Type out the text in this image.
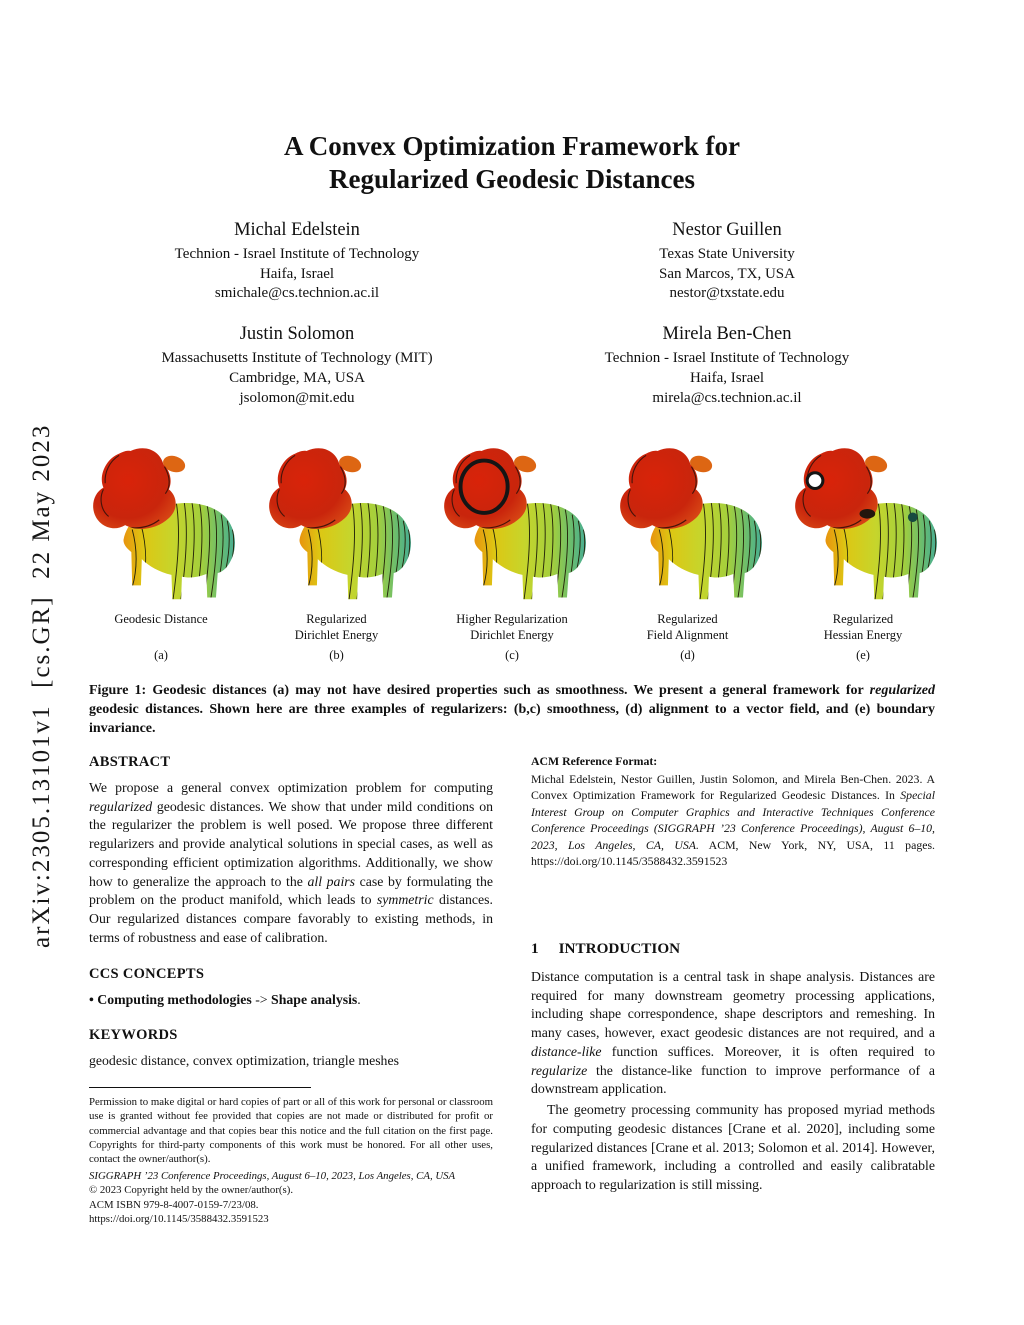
arXiv:2305.13101v1  [cs.GR]  22 May 2023
A Convex Optimization Framework for
Regularized Geodesic Distances
Michal Edelstein
Technion - Israel Institute of Technology
Haifa, Israel
smichale@cs.technion.ac.il
Nestor Guillen
Texas State University
San Marcos, TX, USA
nestor@txstate.edu
Justin Solomon
Massachusetts Institute of Technology (MIT)
Cambridge, MA, USA
jsolomon@mit.edu
Mirela Ben-Chen
Technion - Israel Institute of Technology
Haifa, Israel
mirela@cs.technion.ac.il
Geodesic Distance
(a)
Regularized
Dirichlet Energy
(b)
Higher Regularization
Dirichlet Energy
(c)
Regularized
Field Alignment
(d)
Regularized
Hessian Energy
(e)

Figure 1: Geodesic distances (a) may not have desired properties such as smoothness. We present a general framework for regularized geodesic distances. Shown here are three examples of regularizers: (b,c) smoothness, (d) alignment to a vector field, and (e) boundary invariance.

ABSTRACT

We propose a general convex optimization problem for computing regularized geodesic distances. We show that under mild conditions on the regularizer the problem is well posed. We propose three different regularizers and provide analytical solutions in special cases, as well as corresponding efficient optimization algorithms. Additionally, we show how to generalize the approach to the all pairs case by formulating the problem on the product manifold, which leads to symmetric distances. Our regularized distances compare favorably to existing methods, in terms of robustness and ease of calibration.

CCS CONCEPTS

• Computing methodologies -> Shape analysis.

KEYWORDS

geodesic distance, convex optimization, triangle meshes

Permission to make digital or hard copies of part or all of this work for personal or classroom use is granted without fee provided that copies are not made or distributed for profit or commercial advantage and that copies bear this notice and the full citation on the first page. Copyrights for third-party components of this work must be honored. For all other uses, contact the owner/author(s).

SIGGRAPH ’23 Conference Proceedings, August 6–10, 2023, Los Angeles, CA, USA

© 2023 Copyright held by the owner/author(s).

ACM ISBN 979-8-4007-0159-7/23/08.

https://doi.org/10.1145/3588432.3591523

ACM Reference Format:

Michal Edelstein, Nestor Guillen, Justin Solomon, and Mirela Ben-Chen. 2023. A Convex Optimization Framework for Regularized Geodesic Distances. In Special Interest Group on Computer Graphics and Interactive Techniques Conference Conference Proceedings (SIGGRAPH ’23 Conference Proceedings), August 6–10, 2023, Los Angeles, CA, USA. ACM, New York, NY, USA, 11 pages. https://doi.org/10.1145/3588432.3591523

1 INTRODUCTION

Distance computation is a central task in shape analysis. Distances are required for many downstream geometry processing applications, including shape correspondence, shape descriptors and remeshing. In many cases, however, exact geodesic distances are not required, and a distance-like function suffices. Moreover, it is often required to regularize the distance-like function to improve performance of a downstream application.

The geometry processing community has proposed myriad methods for computing geodesic distances [Crane et al. 2020], including some regularized distances [Crane et al. 2013; Solomon et al. 2014]. However, a unified framework, including a controlled and easily calibratable approach to regularization is still missing.
